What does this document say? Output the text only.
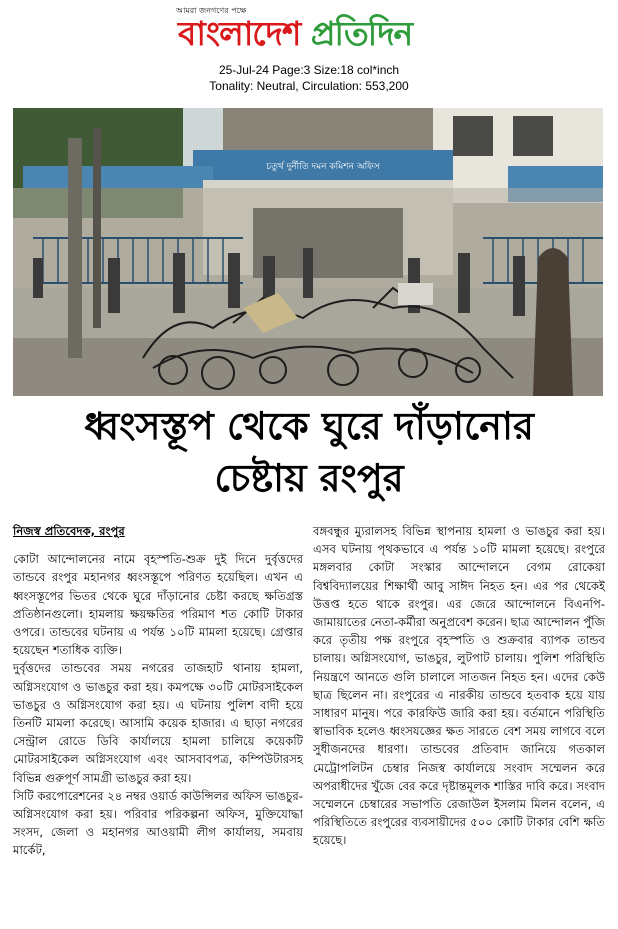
আমরা জনগণের পক্ষে
বাংলাদেশ প্রতিদিন
25-Jul-24 Page:3 Size:18 col*inch
Tonality: Neutral, Circulation: 553,200
চতুর্থ দুর্নীতি দমন কমিশন অফিস
ধ্বংসস্তূপ থেকে ঘুরে দাঁড়ানোর
চেষ্টায় রংপুর
নিজস্ব প্রতিবেদক, রংপুর

কোটা আন্দোলনের নামে বৃহস্পতি-শুক্র দুই দিনে দুর্বৃত্তদের তান্ডবে রংপুর মহানগর ধ্বংসস্তূপে পরিণত হয়েছিল। এখন এ ধ্বংসস্তূপের ভিতর থেকে ঘুরে দাঁড়ানোর চেষ্টা করছে ক্ষতিগ্রস্ত প্রতিষ্ঠানগুলো। হামলায় ক্ষয়ক্ষতির পরিমাণ শত কোটি টাকার ওপরে। তান্ডবের ঘটনায় এ পর্যন্ত ১০টি মামলা হয়েছে। গ্রেপ্তার হয়েছেন শতাধিক ব্যক্তি।

দুর্বৃত্তদের তান্ডবের সময় নগরের তাজহাট থানায় হামলা, অগ্নিসংযোগ ও ভাঙচুর করা হয়। কমপক্ষে ৩০টি মোটরসাইকেল ভাঙচুর ও অগ্নিসংযোগ করা হয়। এ ঘটনায় পুলিশ বাদী হয়ে তিনটি মামলা করেছে। আসামি কয়েক হাজার। এ ছাড়া নগরের সেন্ট্রাল রোডে ডিবি কার্যালয়ে হামলা চালিয়ে কয়েকটি মোটরসাইকেল অগ্নিসংযোগ এবং আসবাবপত্র, কম্পিউটারসহ বিভিন্ন গুরুপূর্ণ সামগ্রী ভাঙচুর করা হয়।

সিটি করপোরেশনের ২৪ নম্বর ওয়ার্ড কাউন্সিলর অফিস ভাঙচুর-অগ্নিসংযোগ করা হয়। পরিবার পরিকল্পনা অফিস, মুক্তিযোদ্ধা সংসদ, জেলা ও মহানগর আওয়ামী লীগ কার্যালয়, সমবায় মার্কেট,

বঙ্গবন্ধুর ম্যুরালসহ বিভিন্ন স্থাপনায় হামলা ও ভাঙচুর করা হয়। এসব ঘটনায় পৃথকভাবে এ পর্যন্ত ১০টি মামলা হয়েছে। রংপুরে মঙ্গলবার কোটা সংস্কার আন্দোলনে বেগম রোকেয়া বিশ্ববিদ্যালয়ের শিক্ষার্থী আবু সাঈদ নিহত হন। এর পর থেকেই উত্তপ্ত হতে থাকে রংপুর। এর জেরে আন্দোলনে বিএনপি-জামায়াতের নেতা-কর্মীরা অনুপ্রবেশ করেন। ছাত্র আন্দোলন পুঁজি করে তৃতীয় পক্ষ রংপুরে বৃহস্পতি ও শুক্রবার ব্যাপক তান্ডব চালায়। অগ্নিসংযোগ, ভাঙচুর, লুটপাট চালায়। পুলিশ পরিস্থিতি নিয়ন্ত্রণে আনতে গুলি চালালে সাতজন নিহত হন। এদের কেউ ছাত্র ছিলেন না। রংপুরের এ নারকীয় তান্ডবে হতবাক হয়ে যায় সাধারণ মানুষ। পরে কারফিউ জারি করা হয়। বর্তমানে পরিস্থিতি স্বাভাবিক হলেও ধ্বংসযজ্ঞের ক্ষত সারতে বেশ সময় লাগবে বলে সুধীজনদের ধারণা। তান্ডবের প্রতিবাদ জানিয়ে গতকাল মেট্রোপলিটন চেম্বার নিজস্ব কার্যালয়ে সংবাদ সম্মেলন করে অপরাধীদের খুঁজে বের করে দৃষ্টান্তমূলক শাস্তির দাবি করে। সংবাদ সম্মেলনে চেম্বারের সভাপতি রেজাউল ইসলাম মিলন বলেন, এ পরিস্থিতিতে রংপুরের ব্যবসায়ীদের ৫০০ কোটি টাকার বেশি ক্ষতি হয়েছে।
